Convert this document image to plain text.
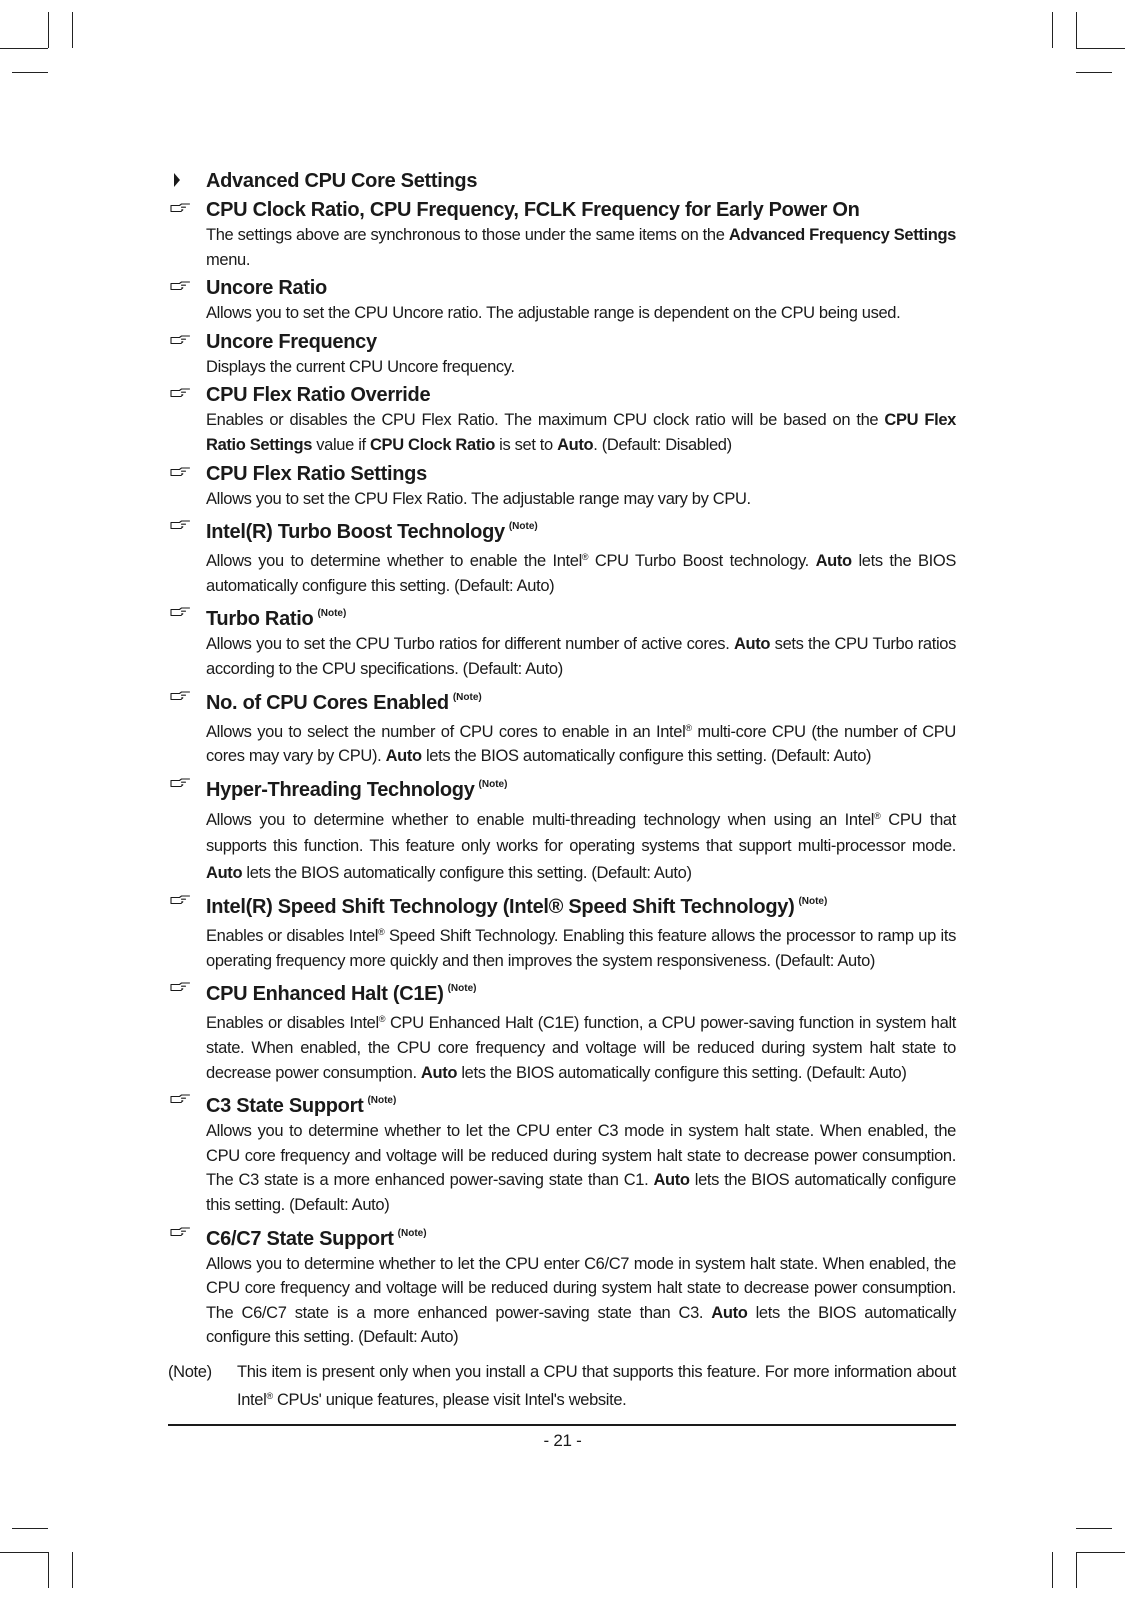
Advanced CPU Core Settings
CPU Clock Ratio, CPU Frequency, FCLK Frequency for Early Power On
The settings above are synchronous to those under the same items on the Advanced Frequency Settings menu.
Uncore Ratio
Allows you to set the CPU Uncore ratio. The adjustable range is dependent on the CPU being used.
Uncore Frequency
Displays the current CPU Uncore frequency.
CPU Flex Ratio Override
Enables or disables the CPU Flex Ratio. The maximum CPU clock ratio will be based on the CPU Flex Ratio Settings value if CPU Clock Ratio is set to Auto. (Default: Disabled)
CPU Flex Ratio Settings
Allows you to set the CPU Flex Ratio. The adjustable range may vary by CPU.
Intel(R) Turbo Boost Technology $^{(Note)}$
Allows you to determine whether to enable the Intel® CPU Turbo Boost technology. Auto lets the BIOS automatically configure this setting. (Default: Auto)
Turbo Ratio $^{(Note)}$
Allows you to set the CPU Turbo ratios for different number of active cores. Auto sets the CPU Turbo ratios according to the CPU specifications. (Default: Auto)
No. of CPU Cores Enabled $^{(Note)}$
Allows you to select the number of CPU cores to enable in an Intel® multi-core CPU (the number of CPU cores may vary by CPU). Auto lets the BIOS automatically configure this setting. (Default: Auto)
Hyper-Threading Technology $^{(Note)}$
Allows you to determine whether to enable multi-threading technology when using an Intel® CPU that supports this function. This feature only works for operating systems that support multi-processor mode. Auto lets the BIOS automatically configure this setting. (Default: Auto)
Intel(R) Speed Shift Technology (Intel® Speed Shift Technology) $^{(Note)}$
Enables or disables Intel® Speed Shift Technology. Enabling this feature allows the processor to ramp up its operating frequency more quickly and then improves the system responsiveness. (Default: Auto)
CPU Enhanced Halt (C1E) $^{(Note)}$
Enables or disables Intel® CPU Enhanced Halt (C1E) function, a CPU power-saving function in system halt state. When enabled, the CPU core frequency and voltage will be reduced during system halt state to decrease power consumption. Auto lets the BIOS automatically configure this setting. (Default: Auto)
C3 State Support $^{(Note)}$
Allows you to determine whether to let the CPU enter C3 mode in system halt state. When enabled, the CPU core frequency and voltage will be reduced during system halt state to decrease power consumption. The C3 state is a more enhanced power-saving state than C1. Auto lets the BIOS automatically configure this setting. (Default: Auto)
C6/C7 State Support $^{(Note)}$
Allows you to determine whether to let the CPU enter C6/C7 mode in system halt state. When enabled, the CPU core frequency and voltage will be reduced during system halt state to decrease power consumption. The C6/C7 state is a more enhanced power-saving state than C3. Auto lets the BIOS automatically configure this setting. (Default: Auto)
(Note) This item is present only when you install a CPU that supports this feature. For more information about Intel® CPUs' unique features, please visit Intel's website.
- 21 -
